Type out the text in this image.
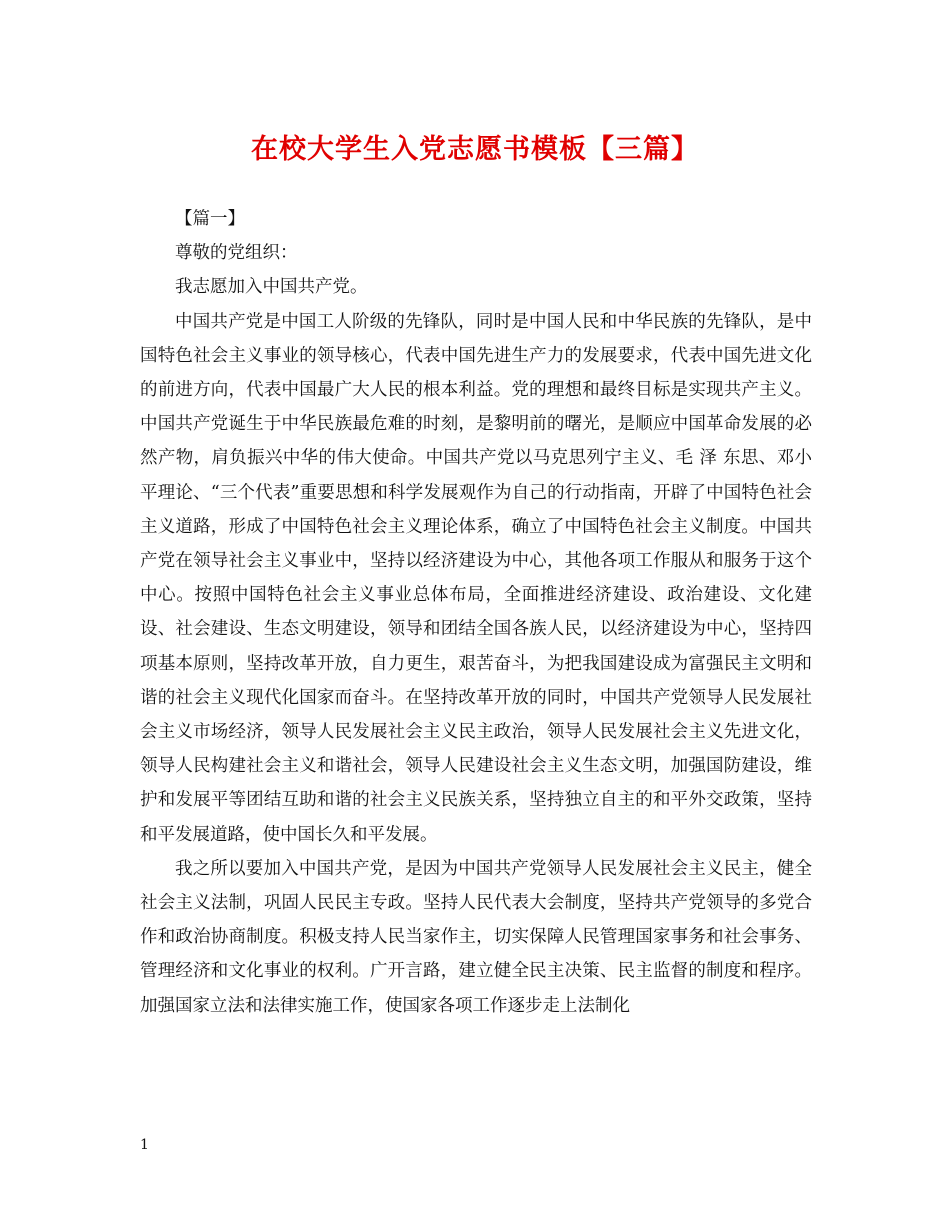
在校大学生入党志愿书模板【三篇】

【篇一】

尊敬的党组织：

我志愿加入中国共产党。

中国共产党是中国工人阶级的先锋队，同时是中国人民和中华民族的先锋队，是中国特色社会主义事业的领导核心，代表中国先进生产力的发展要求，代表中国先进文化的前进方向，代表中国最广大人民的根本利益。党的理想和最终目标是实现共产主义。中国共产党诞生于中华民族最危难的时刻，是黎明前的曙光，是顺应中国革命发展的必然产物，肩负振兴中华的伟大使命。中国共产党以马克思列宁主义、毛 泽 东思、邓小平理论、“三个代表”重要思想和科学发展观作为自己的行动指南，开辟了中国特色社会主义道路，形成了中国特色社会主义理论体系，确立了中国特色社会主义制度。中国共产党在领导社会主义事业中，坚持以经济建设为中心，其他各项工作服从和服务于这个中心。按照中国特色社会主义事业总体布局，全面推进经济建设、政治建设、文化建设、社会建设、生态文明建设，领导和团结全国各族人民，以经济建设为中心，坚持四项基本原则，坚持改革开放，自力更生，艰苦奋斗，为把我国建设成为富强民主文明和谐的社会主义现代化国家而奋斗。在坚持改革开放的同时，中国共产党领导人民发展社会主义市场经济，领导人民发展社会主义民主政治，领导人民发展社会主义先进文化，领导人民构建社会主义和谐社会，领导人民建设社会主义生态文明，加强国防建设，维护和发展平等团结互助和谐的社会主义民族关系，坚持独立自主的和平外交政策，坚持和平发展道路，使中国长久和平发展。

我之所以要加入中国共产党，是因为中国共产党领导人民发展社会主义民主，健全社会主义法制，巩固人民民主专政。坚持人民代表大会制度，坚持共产党领导的多党合作和政治协商制度。积极支持人民当家作主，切实保障人民管理国家事务和社会事务、管理经济和文化事业的权利。广开言路，建立健全民主决策、民主监督的制度和程序。加强国家立法和法律实施工作，使国家各项工作逐步走上法制化

1
